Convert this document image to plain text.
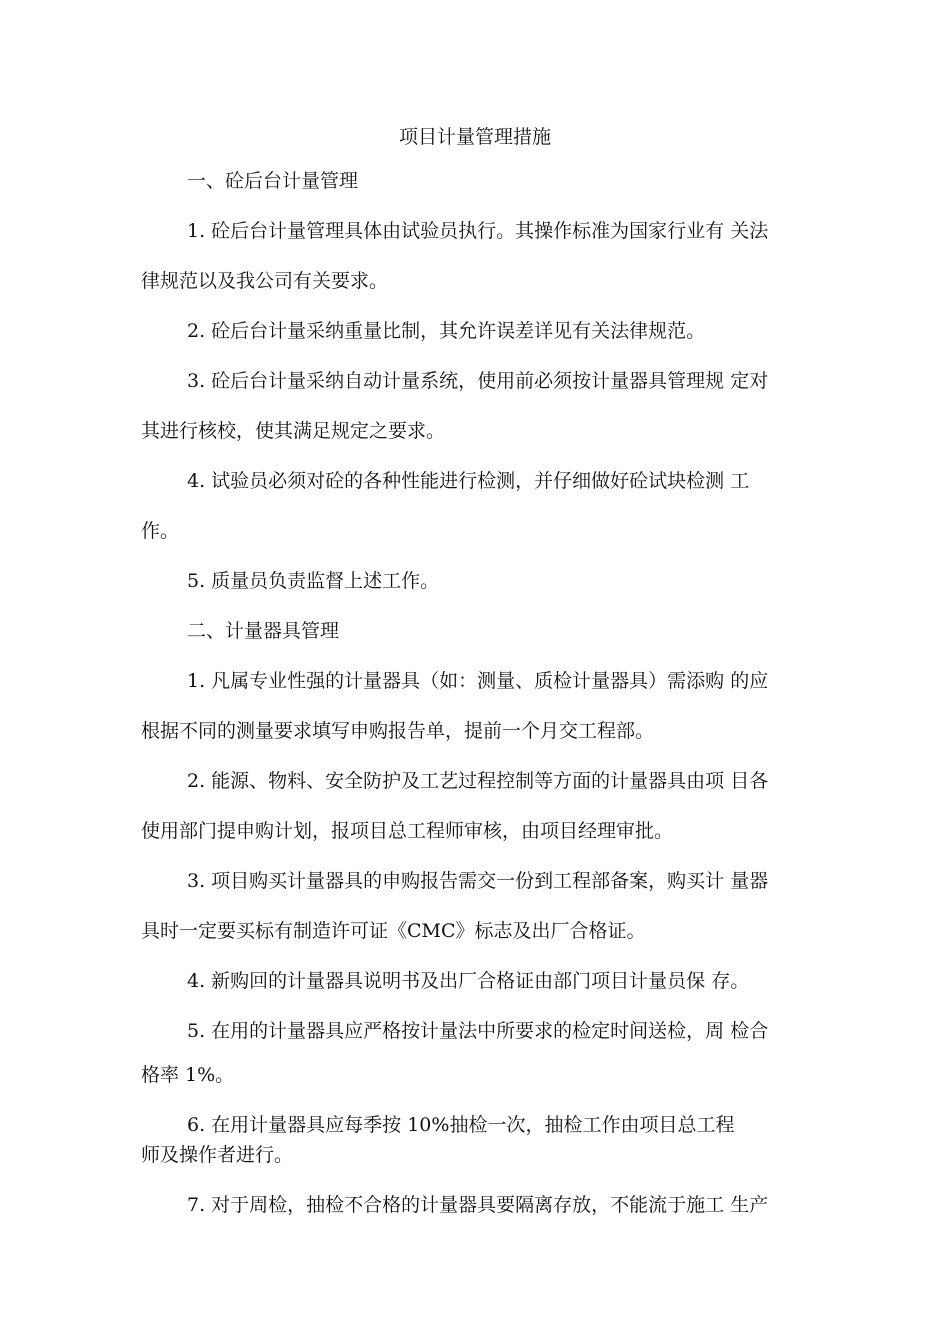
项目计量管理措施
一、砼后台计量管理
1. 砼后台计量管理具体由试验员执行。其操作标准为国家行业有 关法
律规范以及我公司有关要求。
2. 砼后台计量采纳重量比制，其允许误差详见有关法律规范。
3. 砼后台计量采纳自动计量系统，使用前必须按计量器具管理规 定对
其进行核校，使其满足规定之要求。
4. 试验员必须对砼的各种性能进行检测，并仔细做好砼试块检测 工
作。
5. 质量员负责监督上述工作。
二、计量器具管理
1. 凡属专业性强的计量器具（如：测量、质检计量器具）需添购 的应
根据不同的测量要求填写申购报告单，提前一个月交工程部。
2. 能源、物料、安全防护及工艺过程控制等方面的计量器具由项 目各
使用部门提申购计划，报项目总工程师审核，由项目经理审批。
3. 项目购买计量器具的申购报告需交一份到工程部备案，购买计 量器
具时一定要买标有制造许可证《CMC》标志及出厂合格证。
4. 新购回的计量器具说明书及出厂合格证由部门项目计量员保 存。
5. 在用的计量器具应严格按计量法中所要求的检定时间送检，周 检合
格率 1%。
6. 在用计量器具应每季按 10%抽检一次，抽检工作由项目总工程
师及操作者进行。
7. 对于周检，抽检不合格的计量器具要隔离存放，不能流于施工 生产
